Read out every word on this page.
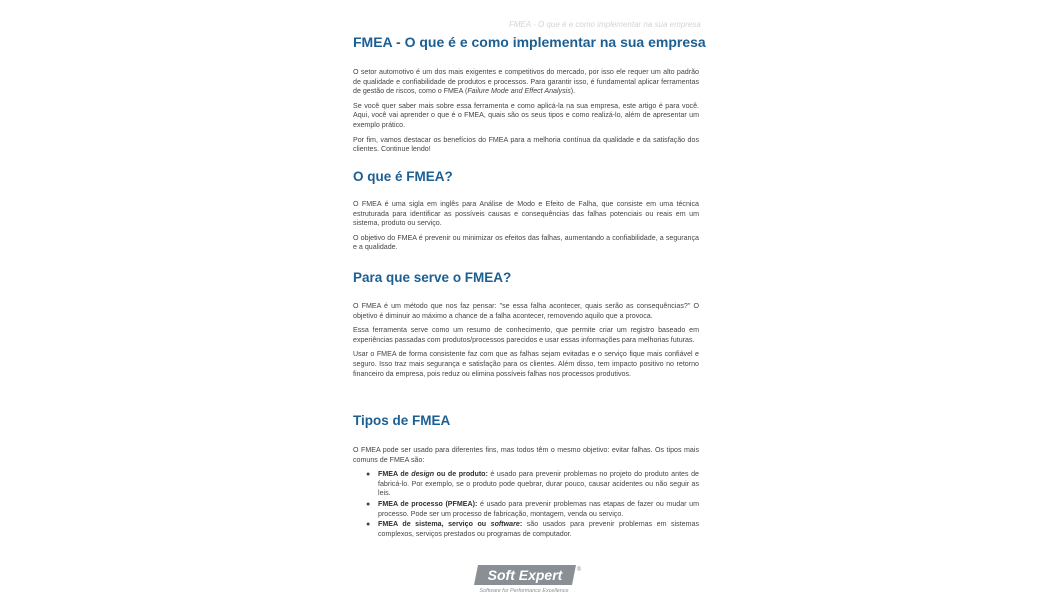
FMEA - O que é e como implementar na sua empresa
FMEA - O que é e como implementar na sua empresa

O setor automotivo é um dos mais exigentes e competitivos do mercado, por isso ele requer um alto padrão de qualidade e confiabilidade de produtos e processos. Para garantir isso, é fundamental aplicar ferramentas de gestão de riscos, como o FMEA (Failure Mode and Effect Analysis).

Se você quer saber mais sobre essa ferramenta e como aplicá-la na sua empresa, este artigo é para você. Aqui, você vai aprender o que é o FMEA, quais são os seus tipos e como realizá-lo, além de apresentar um exemplo prático.

Por fim, vamos destacar os benefícios do FMEA para a melhoria contínua da qualidade e da satisfação dos clientes. Continue lendo!

O que é FMEA?

O FMEA é uma sigla em inglês para Análise de Modo e Efeito de Falha, que consiste em uma técnica estruturada para identificar as possíveis causas e consequências das falhas potenciais ou reais em um sistema, produto ou serviço.

O objetivo do FMEA é prevenir ou minimizar os efeitos das falhas, aumentando a confiabilidade, a segurança e a qualidade.

Para que serve o FMEA?

O FMEA é um método que nos faz pensar: "se essa falha acontecer, quais serão as consequências?" O objetivo é diminuir ao máximo a chance de a falha acontecer, removendo aquilo que a provoca.

Essa ferramenta serve como um resumo de conhecimento, que permite criar um registro baseado em experiências passadas com produtos/processos parecidos e usar essas informações para melhorias futuras.

Usar o FMEA de forma consistente faz com que as falhas sejam evitadas e o serviço fique mais confiável e seguro. Isso traz mais segurança e satisfação para os clientes. Além disso, tem impacto positivo no retorno financeiro da empresa, pois reduz ou elimina possíveis falhas nos processos produtivos.

Tipos de FMEA

O FMEA pode ser usado para diferentes fins, mas todos têm o mesmo objetivo: evitar falhas. Os tipos mais comuns de FMEA são:

● FMEA de design ou de produto: é usado para prevenir problemas no projeto do produto antes de fabricá-lo. Por exemplo, se o produto pode quebrar, durar pouco, causar acidentes ou não seguir as leis.
● FMEA de processo (PFMEA): é usado para prevenir problemas nas etapas de fazer ou mudar um processo. Pode ser um processo de fabricação, montagem, venda ou serviço.
● FMEA de sistema, serviço ou software: são usados para prevenir problemas em sistemas complexos, serviços prestados ou programas de computador.
Soft Expert ®
Software for Performance Excellence
